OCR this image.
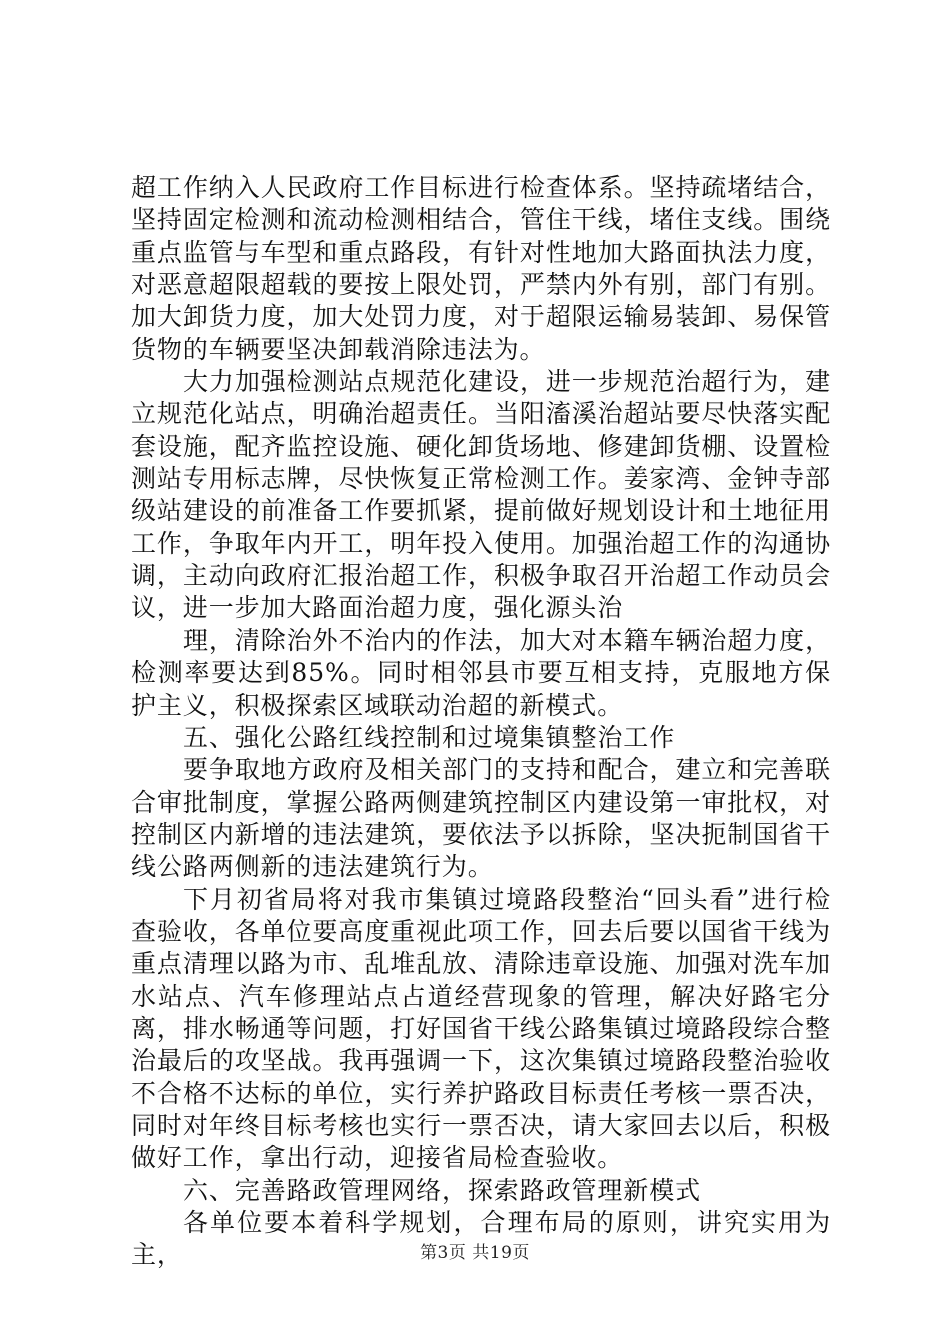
超工作纳入人民政府工作目标进行检查体系。坚持疏堵结合，坚持固定检测和流动检测相结合，管住干线，堵住支线。围绕重点监管与车型和重点路段，有针对性地加大路面执法力度，对恶意超限超载的要按上限处罚，严禁内外有别，部门有别。加大卸货力度，加大处罚力度，对于超限运输易装卸、易保管货物的车辆要坚决卸载消除违法为。

大力加强检测站点规范化建设，进一步规范治超行为，建立规范化站点，明确治超责任。当阳滀溪治超站要尽快落实配套设施，配齐监控设施、硬化卸货场地、修建卸货棚、设置检测站专用标志牌，尽快恢复正常检测工作。姜家湾、金钟寺部级站建设的前准备工作要抓紧，提前做好规划设计和土地征用工作，争取年内开工，明年投入使用。加强治超工作的沟通协调，主动向政府汇报治超工作，积极争取召开治超工作动员会议，进一步加大路面治超力度，强化源头治

理，清除治外不治内的作法，加大对本籍车辆治超力度，检测率要达到85%。同时相邻县市要互相支持，克服地方保护主义，积极探索区域联动治超的新模式。

五、强化公路红线控制和过境集镇整治工作

要争取地方政府及相关部门的支持和配合，建立和完善联合审批制度，掌握公路两侧建筑控制区内建设第一审批权，对控制区内新增的违法建筑，要依法予以拆除，坚决扼制国省干线公路两侧新的违法建筑行为。

下月初省局将对我市集镇过境路段整治“回头看”进行检查验收，各单位要高度重视此项工作，回去后要以国省干线为重点清理以路为市、乱堆乱放、清除违章设施、加强对洗车加水站点、汽车修理站点占道经营现象的管理，解决好路宅分离，排水畅通等问题，打好国省干线公路集镇过境路段综合整治最后的攻坚战。我再强调一下，这次集镇过境路段整治验收不合格不达标的单位，实行养护路政目标责任考核一票否决，同时对年终目标考核也实行一票否决，请大家回去以后，积极做好工作，拿出行动，迎接省局检查验收。

六、完善路政管理网络，探索路政管理新模式

各单位要本着科学规划，合理布局的原则，讲究实用为主，	第3页 共19页
